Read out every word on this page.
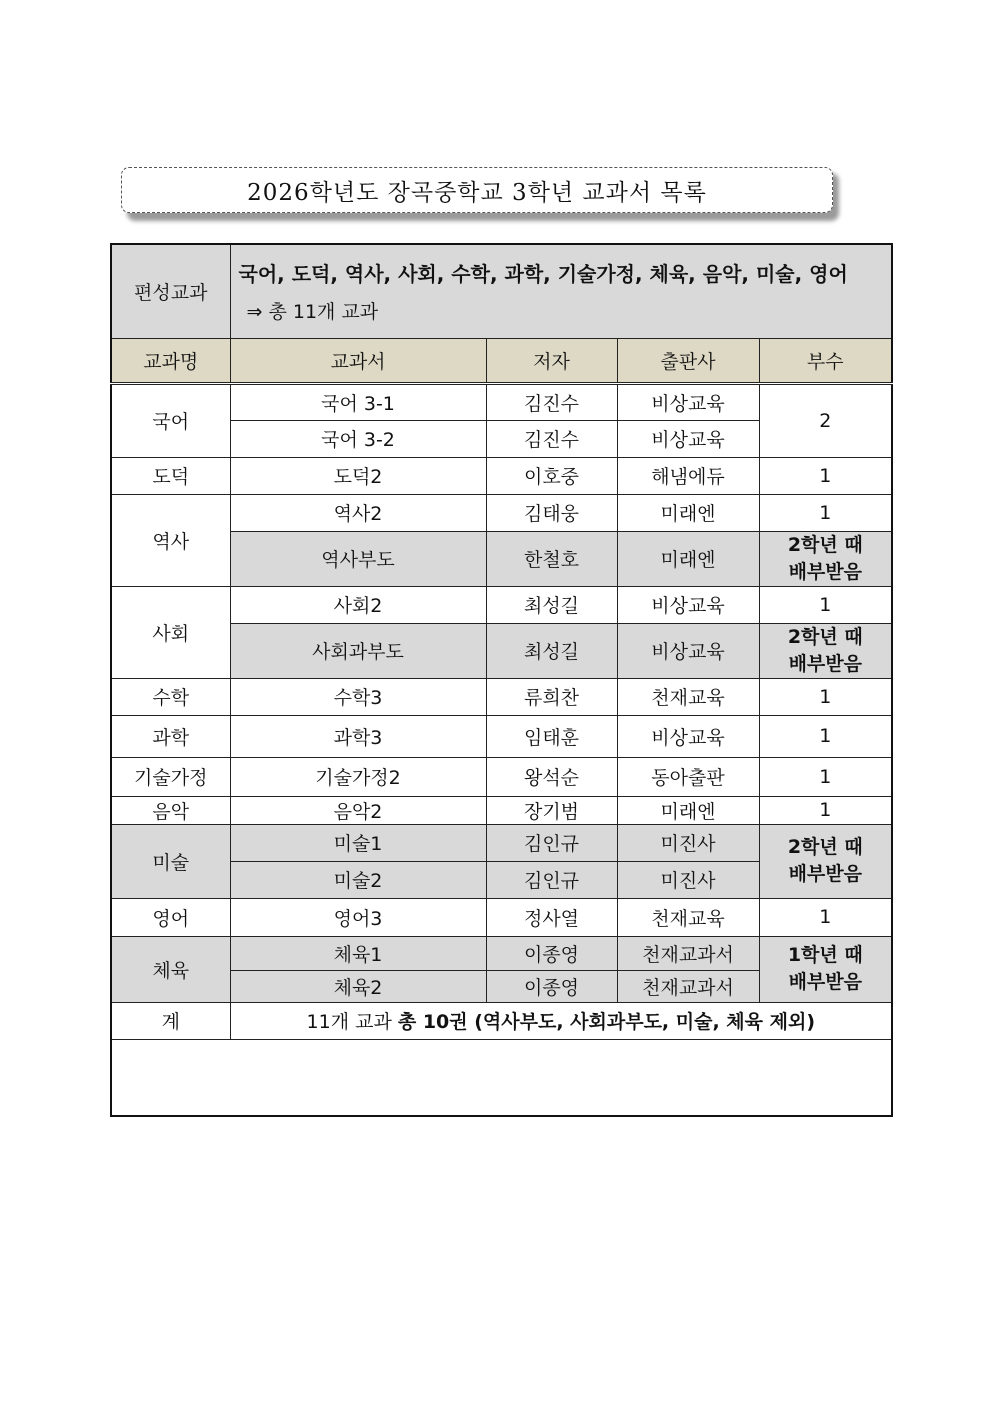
2026학년도 장곡중학교 3학년 교과서 목록
편성교과	국어, 도덕, 역사, 사회, 수학, 과학, 기술가정, 체육, 음악, 미술, 영어
⇒ 총 11개 교과			

교과명	교과서	저자	출판사	부수
국어	국어 3-1	김진수	비상교육	2
	국어 3-2	김진수	비상교육	
도덕	도덕2	이호중	해냄에듀	1
역사	역사2	김태웅	미래엔	1
	역사부도	한철호	미래엔	2학년 때
배부받음
사회	사회2	최성길	비상교육	1
	사회과부도	최성길	비상교육	2학년 때
배부받음
수학	수학3	류희찬	천재교육	1
과학	과학3	임태훈	비상교육	1
기술가정	기술가정2	왕석순	동아출판	1
음악	음악2	장기범	미래엔	1
미술	미술1	김인규	미진사	2학년 때
배부받음
	미술2	김인규	미진사	
영어	영어3	정사열	천재교육	1
체육	체육1	이종영	천재교과서	1학년 때
배부받음
	체육2	이종영	천재교과서	
계	11개 교과 총 10권 (역사부도, 사회과부도, 미술, 체육 제외)			
